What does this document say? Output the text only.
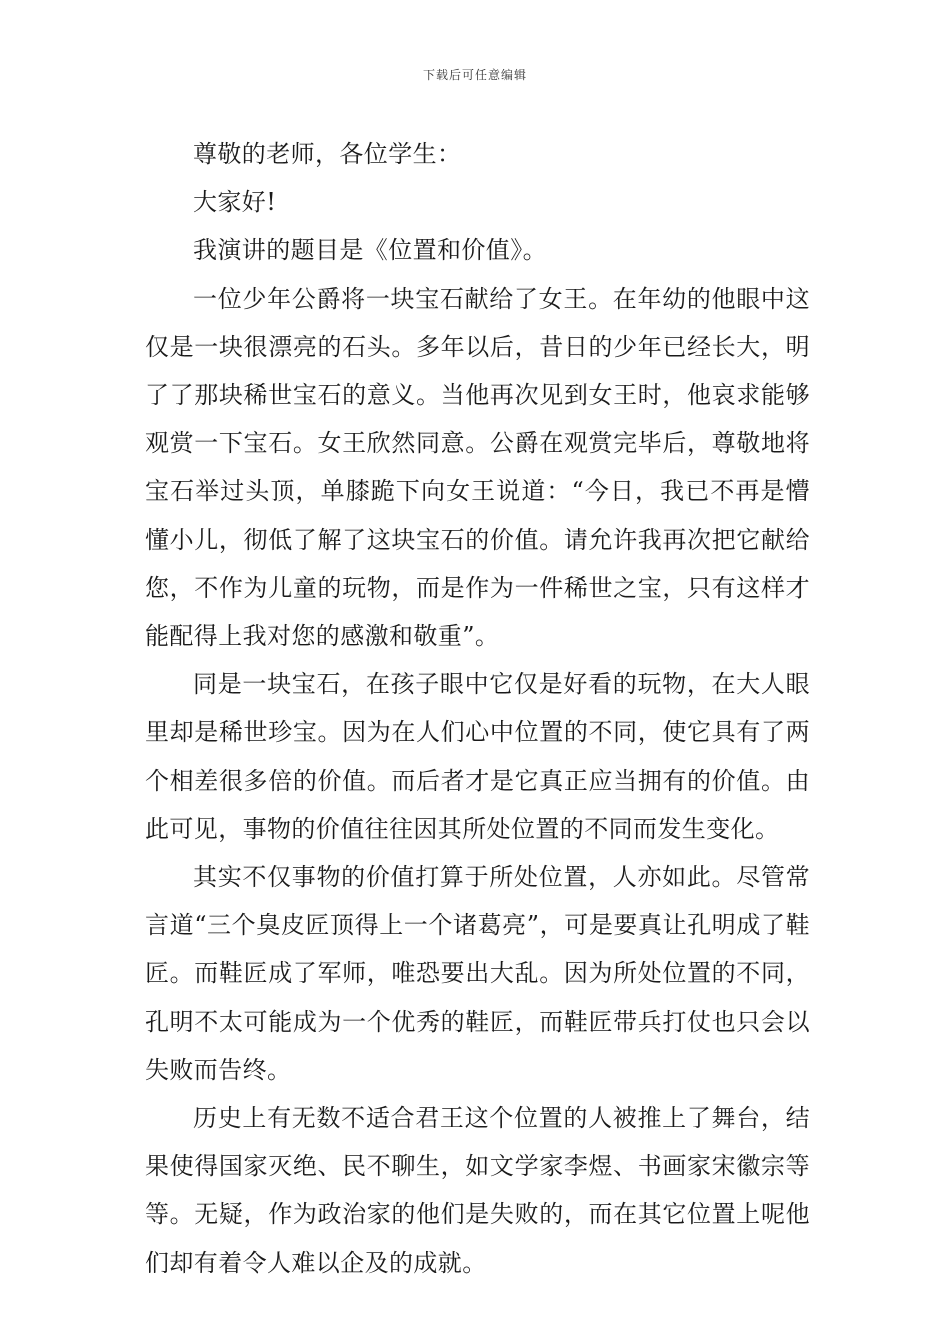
下载后可任意编辑

尊敬的老师，各位学生：

大家好!

我演讲的题目是《位置和价值》。

一位少年公爵将一块宝石献给了女王。在年幼的他眼中这仅是一块很漂亮的石头。多年以后，昔日的少年已经长大，明了了那块稀世宝石的意义。当他再次见到女王时，他哀求能够观赏一下宝石。女王欣然同意。公爵在观赏完毕后，尊敬地将宝石举过头顶，单膝跪下向女王说道：“今日，我已不再是懵懂小儿，彻低了解了这块宝石的价值。请允许我再次把它献给您，不作为儿童的玩物，而是作为一件稀世之宝，只有这样才能配得上我对您的感激和敬重”。

同是一块宝石，在孩子眼中它仅是好看的玩物，在大人眼里却是稀世珍宝。因为在人们心中位置的不同，使它具有了两个相差很多倍的价值。而后者才是它真正应当拥有的价值。由此可见，事物的价值往往因其所处位置的不同而发生变化。

其实不仅事物的价值打算于所处位置，人亦如此。尽管常言道“三个臭皮匠顶得上一个诸葛亮”，可是要真让孔明成了鞋匠。而鞋匠成了军师，唯恐要出大乱。因为所处位置的不同，孔明不太可能成为一个优秀的鞋匠，而鞋匠带兵打仗也只会以失败而告终。

历史上有无数不适合君王这个位置的人被推上了舞台，结果使得国家灭绝、民不聊生，如文学家李煜、书画家宋徽宗等等。无疑，作为政治家的他们是失败的，而在其它位置上呢他们却有着令人难以企及的成就。
